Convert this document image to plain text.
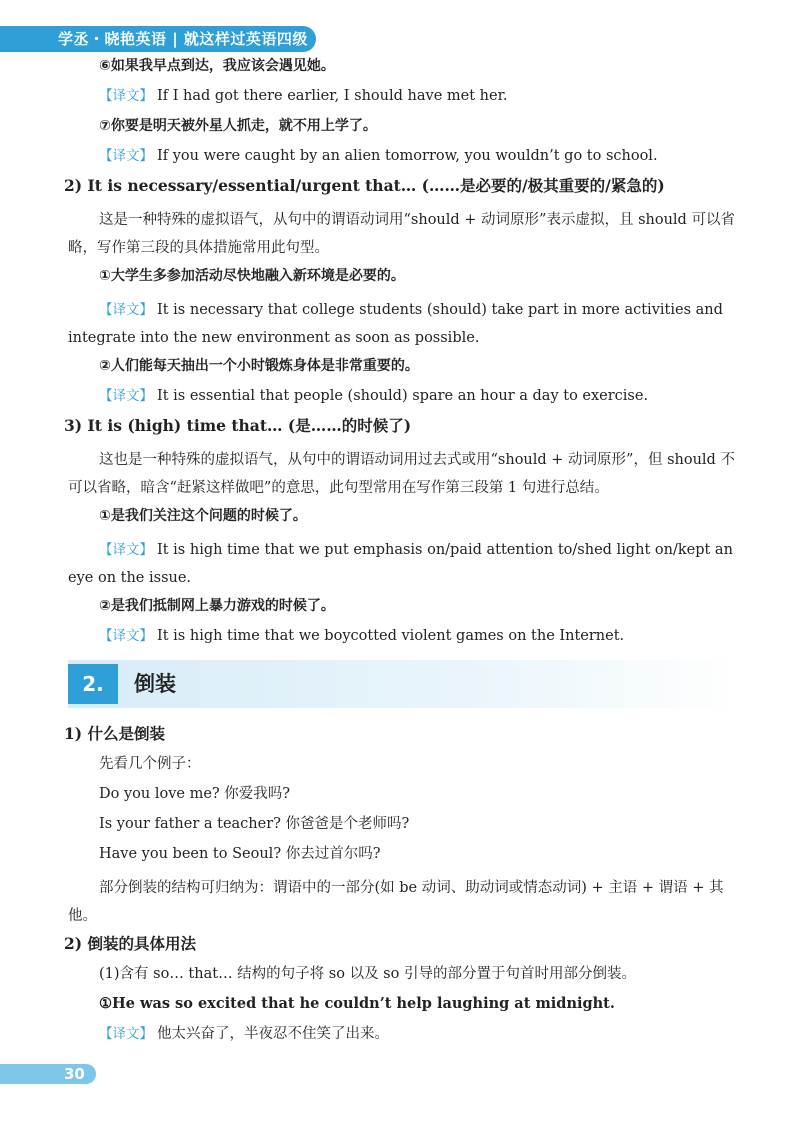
学丞・晓艳英语 | 就这样过英语四级

⑥如果我早点到达，我应该会遇见她。

【译文】 If I had got there earlier, I should have met her.

⑦你要是明天被外星人抓走，就不用上学了。

【译文】 If you were caught by an alien tomorrow, you wouldn’t go to school.

2) It is necessary/essential/urgent that… (……是必要的/极其重要的/紧急的)

这是一种特殊的虚拟语气，从句中的谓语动词用“should + 动词原形”表示虚拟，且 should 可以省略，写作第三段的具体措施常用此句型。

①大学生多参加活动尽快地融入新环境是必要的。

【译文】 It is necessary that college students (should) take part in more activities and integrate into the new environment as soon as possible.

②人们能每天抽出一个小时锻炼身体是非常重要的。

【译文】 It is essential that people (should) spare an hour a day to exercise.

3) It is (high) time that… (是……的时候了)

这也是一种特殊的虚拟语气，从句中的谓语动词用过去式或用“should + 动词原形”，但 should 不可以省略，暗含“赶紧这样做吧”的意思，此句型常用在写作第三段第 1 句进行总结。

①是我们关注这个问题的时候了。

【译文】 It is high time that we put emphasis on/paid attention to/shed light on/kept an eye on the issue.

②是我们抵制网上暴力游戏的时候了。

【译文】 It is high time that we boycotted violent games on the Internet.

2.	倒装

1) 什么是倒装

先看几个例子：

Do you love me? 你爱我吗?

Is your father a teacher? 你爸爸是个老师吗?

Have you been to Seoul? 你去过首尔吗?

部分倒装的结构可归纳为：谓语中的一部分(如 be 动词、助动词或情态动词) + 主语 + 谓语 + 其他。

2) 倒装的具体用法

(1)含有 so… that… 结构的句子将 so 以及 so 引导的部分置于句首时用部分倒装。

①He was so excited that he couldn’t help laughing at midnight.

【译文】 他太兴奋了，半夜忍不住笑了出来。

30
